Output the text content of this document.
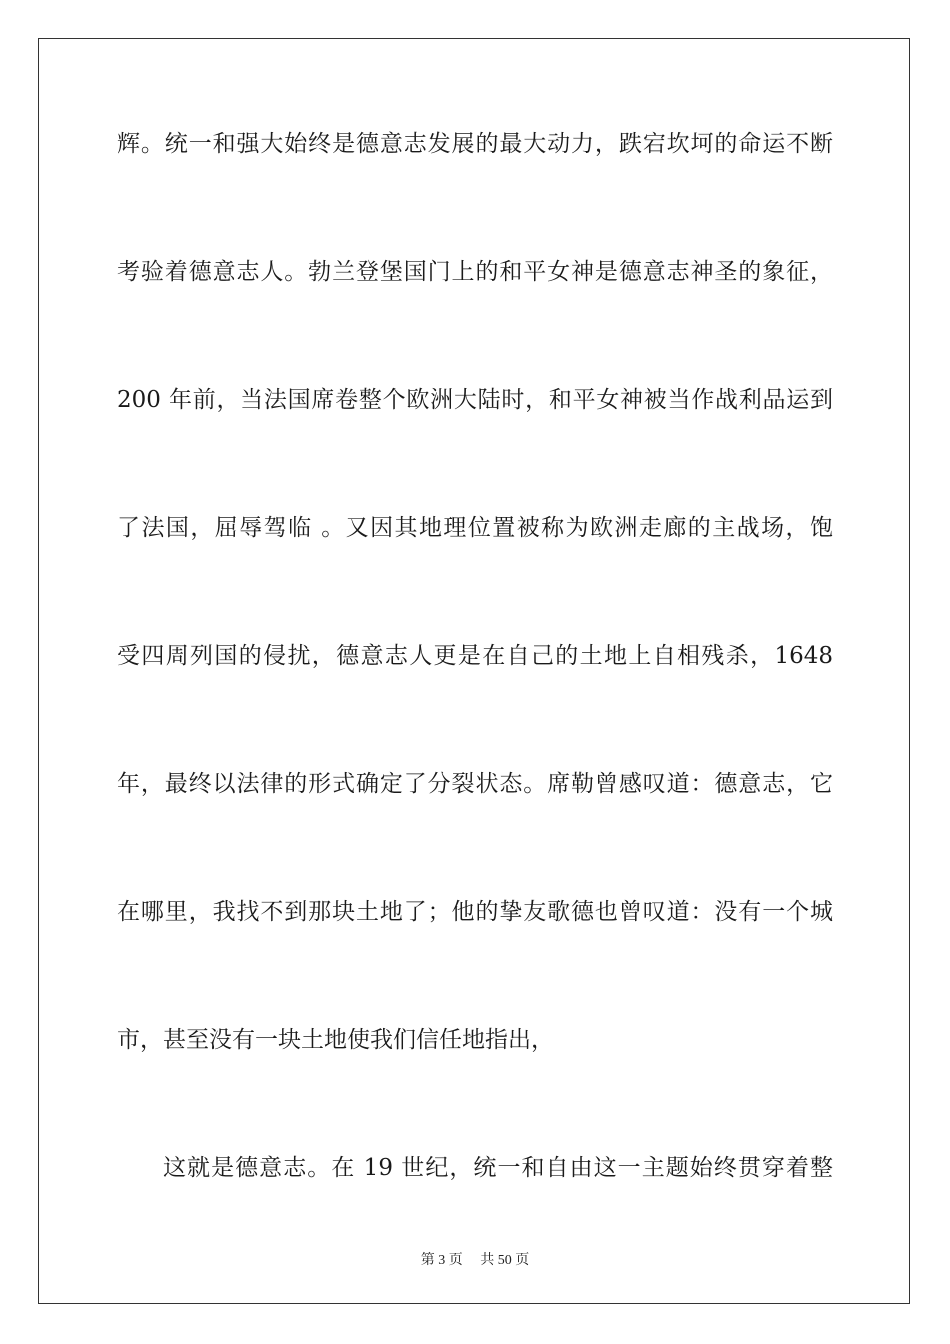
辉。统一和强大始终是德意志发展的最大动力，跌宕坎坷的命运不断
考验着德意志人。勃兰登堡国门上的和平女神是德意志神圣的象征，
200 年前，当法国席卷整个欧洲大陆时，和平女神被当作战利品运到
了法国，屈辱驾临 。又因其地理位置被称为欧洲走廊的主战场，饱
受四周列国的侵扰，德意志人更是在自己的土地上自相残杀，1648
年，最终以法律的形式确定了分裂状态。席勒曾感叹道：德意志，它
在哪里，我找不到那块土地了；他的挚友歌德也曾叹道：没有一个城
市，甚至没有一块土地使我们信任地指出，
这就是德意志。在 19 世纪，统一和自由这一主题始终贯穿着整
第 3 页　 共 50 页
